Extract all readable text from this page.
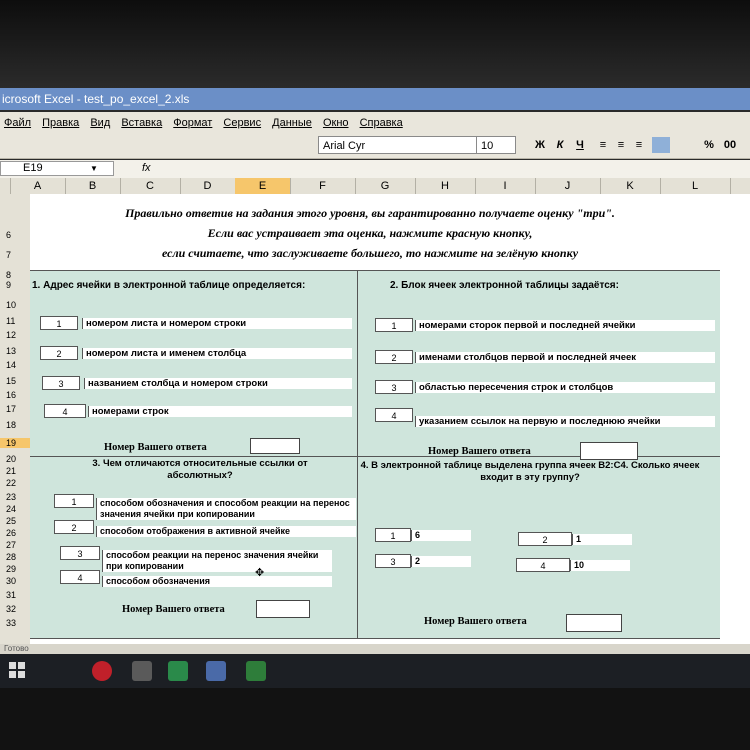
icrosoft Excel - test_po_excel_2.xls
Файл Правка Вид Вставка Формат Сервис Данные Окно Справка
Arial Cyr	10	Ж	К	Ч	≡	≡	≡	% 00
E19	▼	fx
A	B	C	D	E	F	G	H	I	J	K	L
6
7
8
9
10
11
12
13
14
15
16
17
18
19
20
21
22
23
24
25
26
27
28
29
30
31
32
33
Правильно ответив на задания этого уровня, вы гарантированно получаете оценку "три".
Если вас устраивает эта оценка, нажмите красную кнопку,
если считаете, что заслуживаете большего, то нажмите на зелёную кнопку
1. Адрес ячейки в электронной таблице определяется:
1	номером листа и номером строки
2	номером листа и именем столбца
3	названием столбца и номером строки
4	номерами строк
Номер Вашего ответа
2. Блок ячеек электронной таблицы задаётся:
1	номерами сторок первой и последней ячейки
2	именами столбцов первой и последней ячеек
3	областью пересечения строк и столбцов
4	указанием ссылок на первую и последнюю ячейки
Номер Вашего ответа
3. Чем отличаются относительные ссылки от абсолютных?
1	способом обозначения и способом реакции на перенос значения ячейки при копировании
2	способом отображения в активной ячейке
3	способом реакции на перенос значения ячейки при копировании
4	способом обозначения
✥
Номер Вашего ответа
4. В электронной таблице выделена группа ячеек B2:C4. Сколько ячеек входит в эту группу?
1	6	2	1
3	2	4	10
Номер Вашего ответа
Готово
